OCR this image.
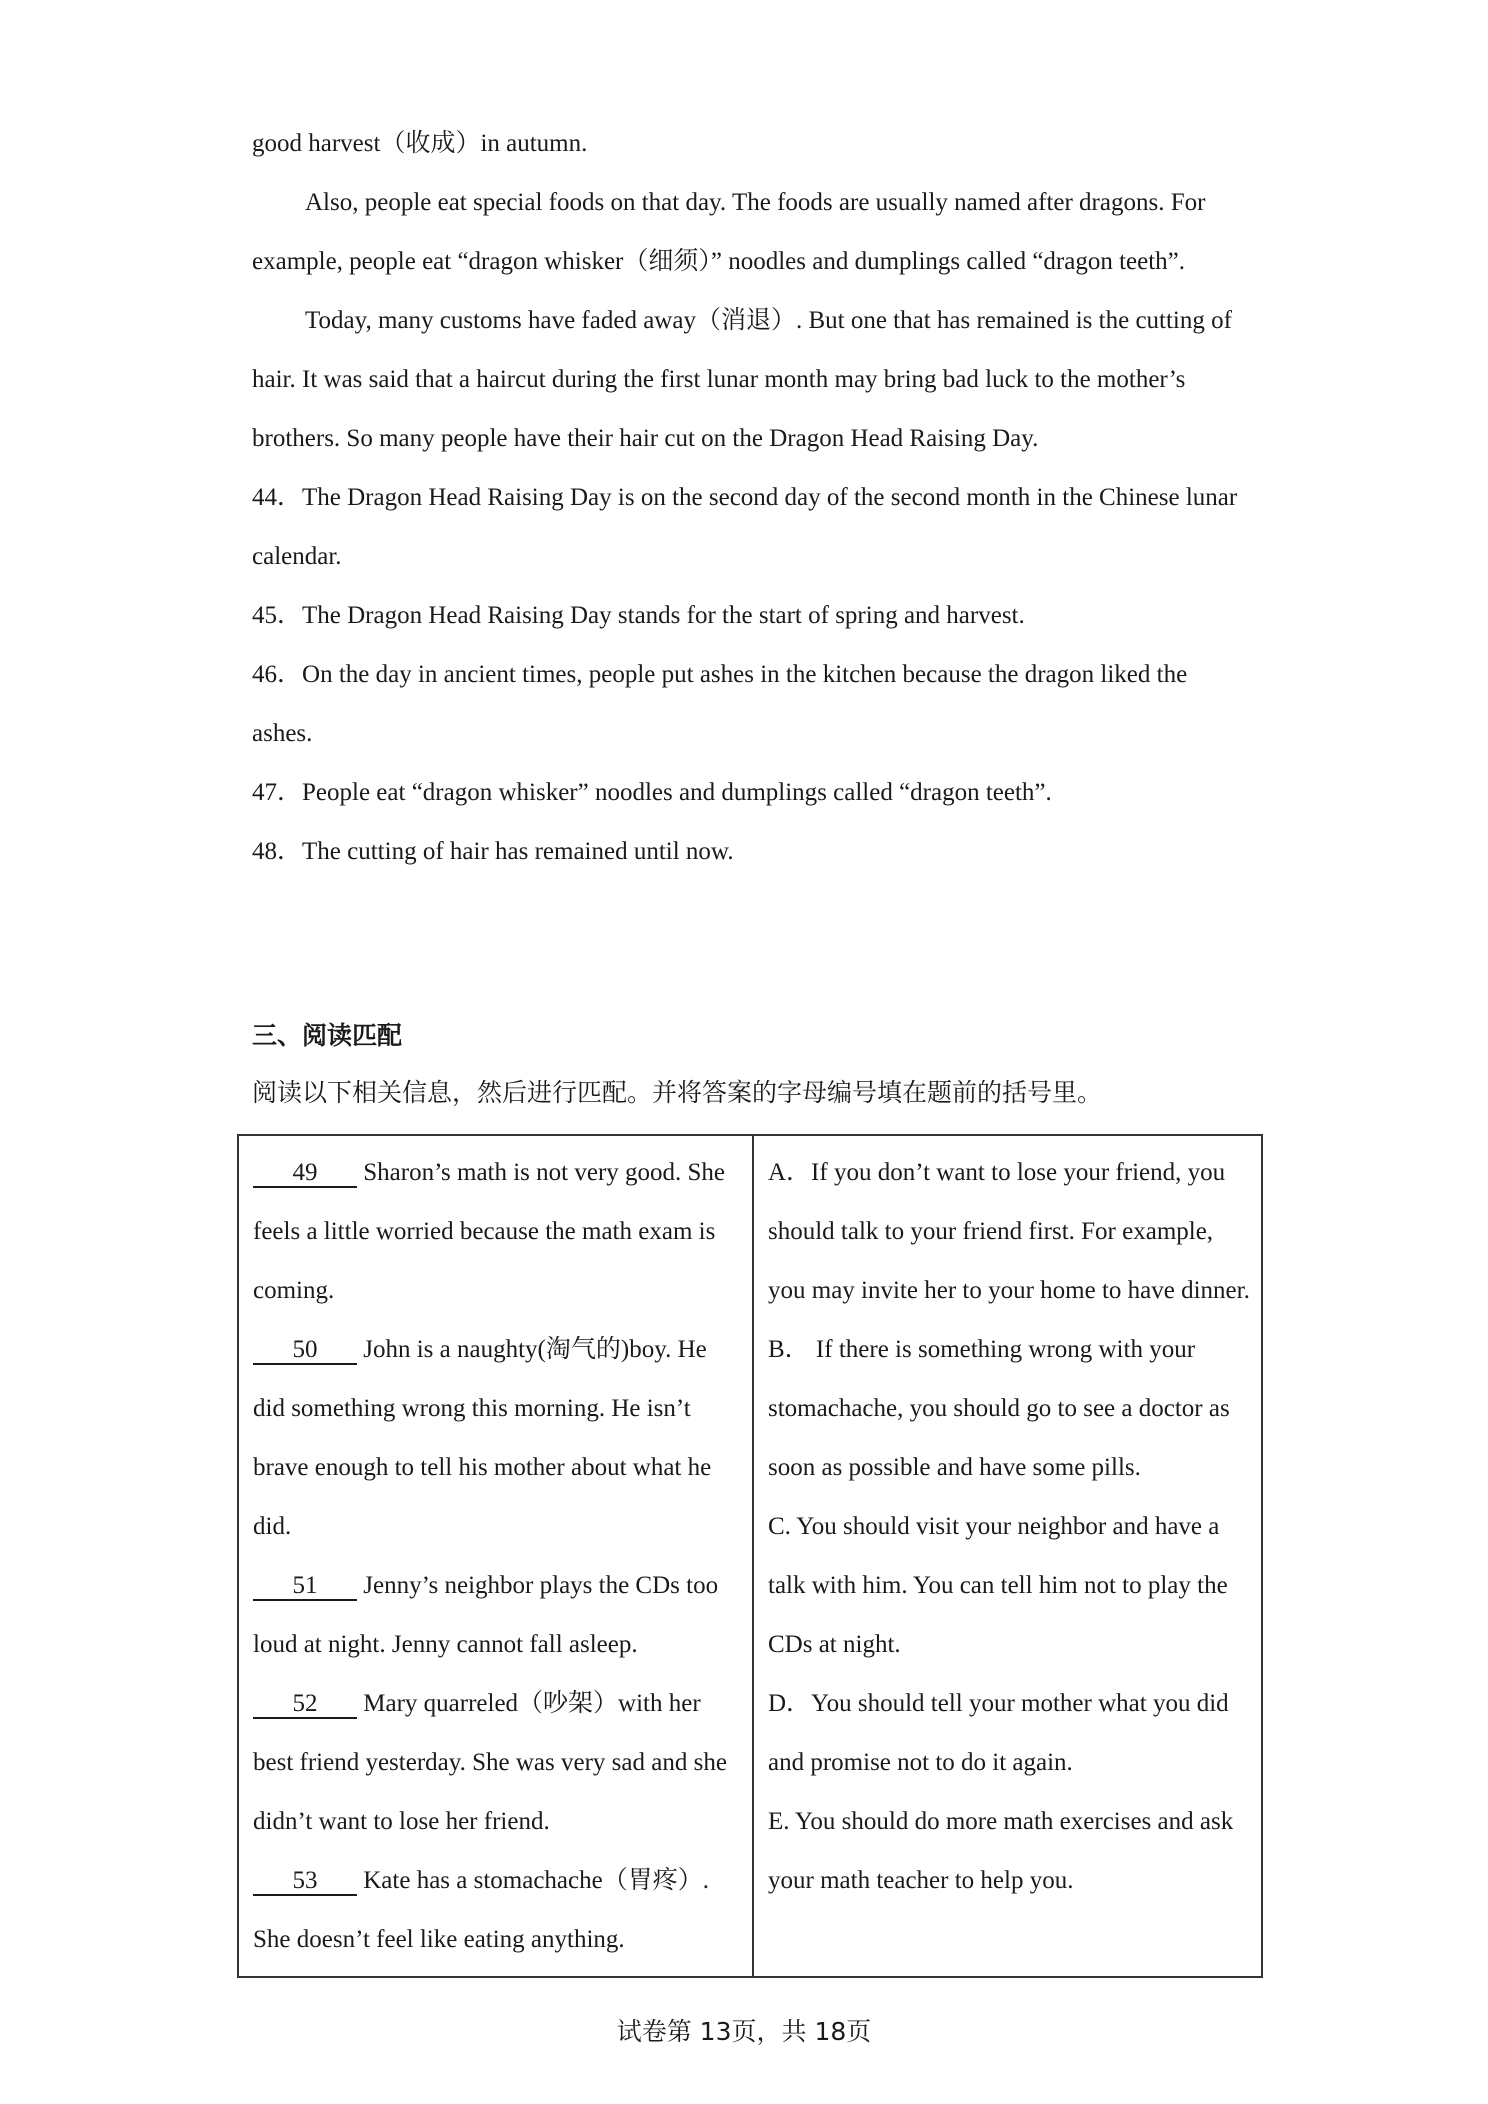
good harvest（收成）in autumn.

Also, people eat special foods on that day. The foods are usually named after dragons. For example, people eat “dragon whisker（细须）” noodles and dumplings called “dragon teeth”.

Today, many customs have faded away（消退）. But one that has remained is the cutting of hair. It was said that a haircut during the first lunar month may bring bad luck to the mother’s brothers. So many people have their hair cut on the Dragon Head Raising Day.

44．The Dragon Head Raising Day is on the second day of the second month in the Chinese lunar calendar.

45．The Dragon Head Raising Day stands for the start of spring and harvest.

46．On the day in ancient times, people put ashes in the kitchen because the dragon liked the ashes.

47．People eat “dragon whisker” noodles and dumplings called “dragon teeth”.

48．The cutting of hair has remained until now.

三、阅读匹配
阅读以下相关信息，然后进行匹配。并将答案的字母编号填在题前的括号里。

49 Sharon’s math is not very good. She feels a little worried because the math exam is coming.

50 John is a naughty(淘气的)boy. He did something wrong this morning. He isn’t brave enough to tell his mother about what he did.

51 Jenny’s neighbor plays the CDs too loud at night. Jenny cannot fall asleep.

52 Mary quarreled（吵架）with her best friend yesterday. She was very sad and she didn’t want to lose her friend.

53 Kate has a stomachache（胃疼）. She doesn’t feel like eating anything.

A．If you don’t want to lose your friend, you should talk to your friend first. For example, you may invite her to your home to have dinner.

B． If there is something wrong with your stomachache, you should go to see a doctor as soon as possible and have some pills.

C. You should visit your neighbor and have a talk with him. You can tell him not to play the CDs at night.

D．You should tell your mother what you did and promise not to do it again.

E. You should do more math exercises and ask your math teacher to help you.

试卷第 13页，共 18页
